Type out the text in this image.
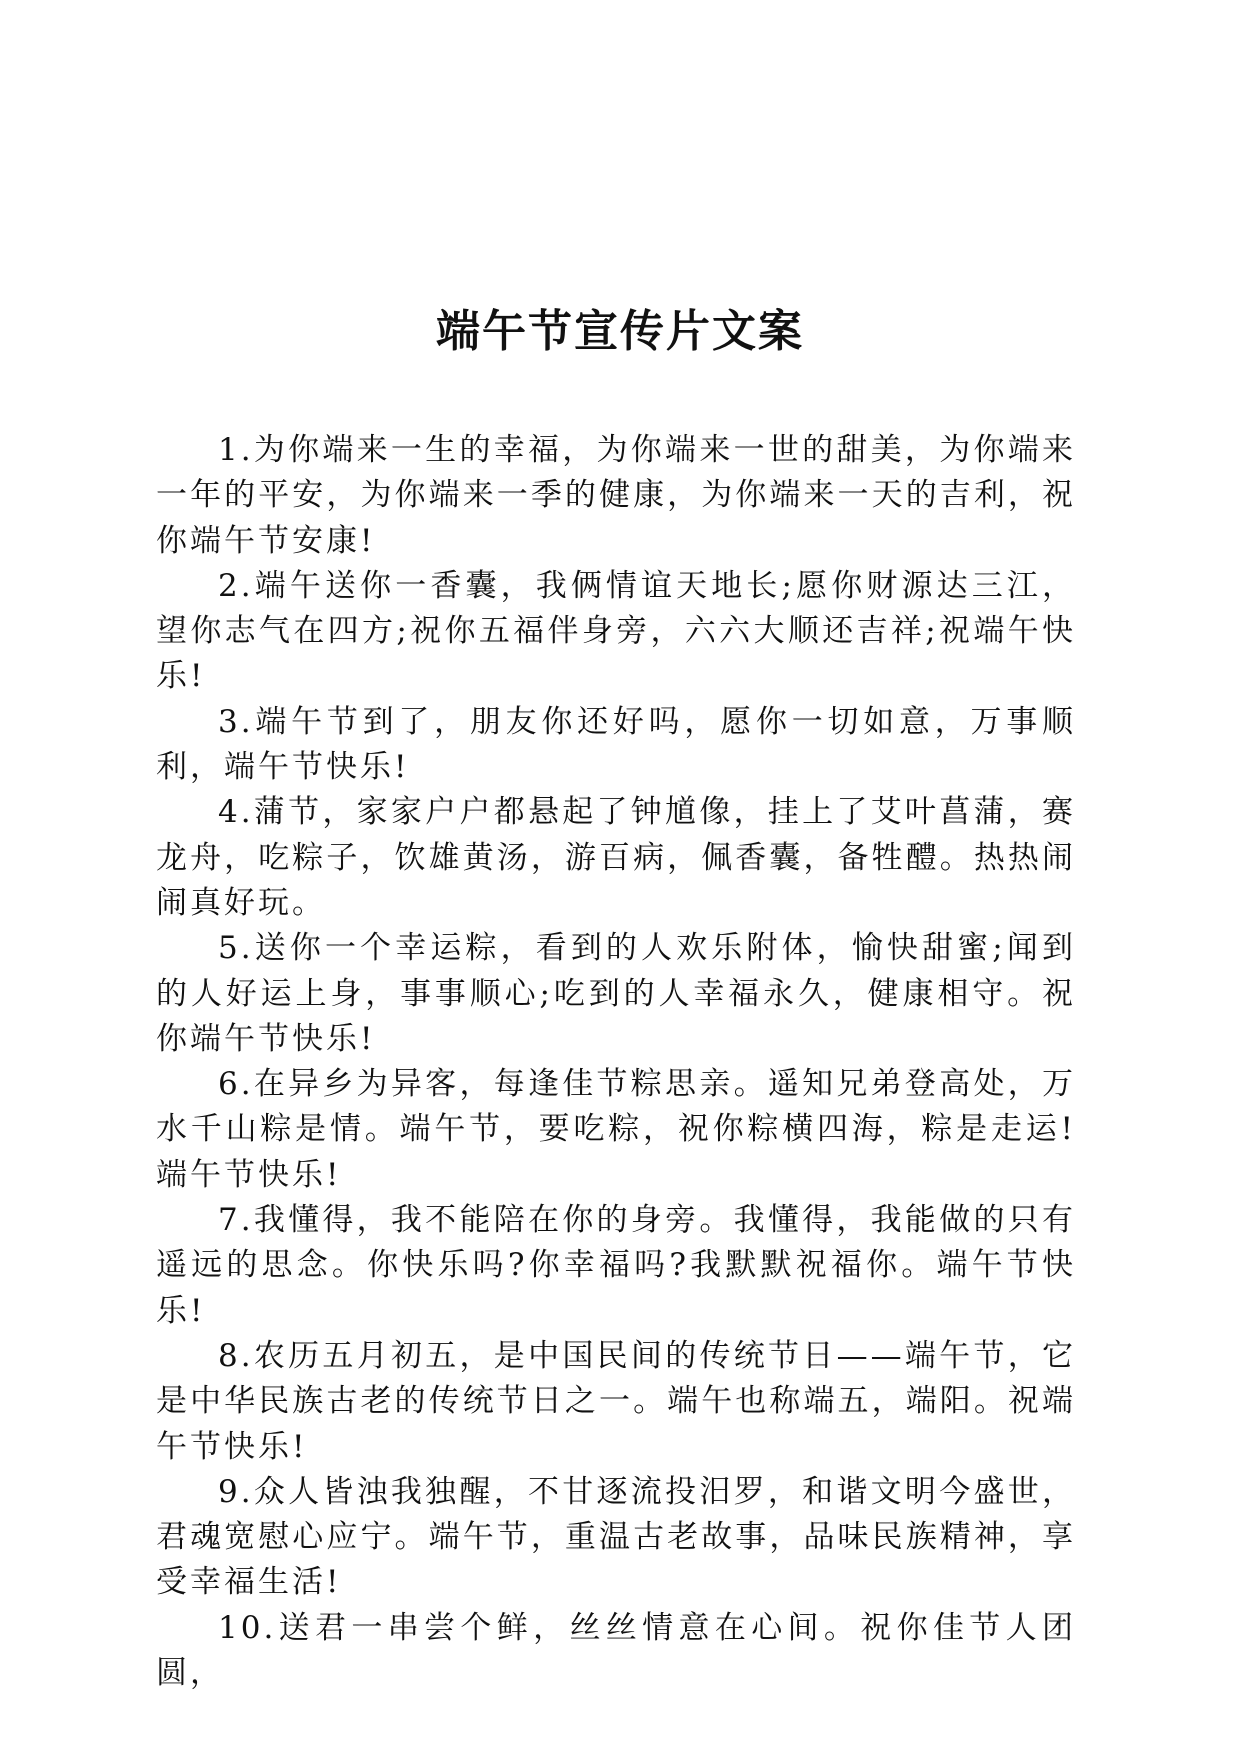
端午节宣传片文案

1.为你端来一生的幸福，为你端来一世的甜美，为你端来一年的平安，为你端来一季的健康，为你端来一天的吉利，祝你端午节安康!

2.端午送你一香囊，我俩情谊天地长;愿你财源达三江，望你志气在四方;祝你五福伴身旁，六六大顺还吉祥;祝端午快乐!

3.端午节到了，朋友你还好吗，愿你一切如意，万事顺利，端午节快乐!

4.蒲节，家家户户都悬起了钟馗像，挂上了艾叶菖蒲，赛龙舟，吃粽子，饮雄黄汤，游百病，佩香囊，备牲醴。热热闹闹真好玩。

5.送你一个幸运粽，看到的人欢乐附体，愉快甜蜜;闻到的人好运上身，事事顺心;吃到的人幸福永久，健康相守。祝你端午节快乐!

6.在异乡为异客，每逢佳节粽思亲。遥知兄弟登高处，万水千山粽是情。端午节，要吃粽，祝你粽横四海，粽是走运!端午节快乐!

7.我懂得，我不能陪在你的身旁。我懂得，我能做的只有遥远的思念。你快乐吗?你幸福吗?我默默祝福你。端午节快乐!

8.农历五月初五，是中国民间的传统节日——端午节，它是中华民族古老的传统节日之一。端午也称端五，端阳。祝端午节快乐!

9.众人皆浊我独醒，不甘逐流投汨罗，和谐文明今盛世，君魂宽慰心应宁。端午节，重温古老故事，品味民族精神，享受幸福生活!

10.送君一串尝个鲜，丝丝情意在心间。祝你佳节人团圆，
